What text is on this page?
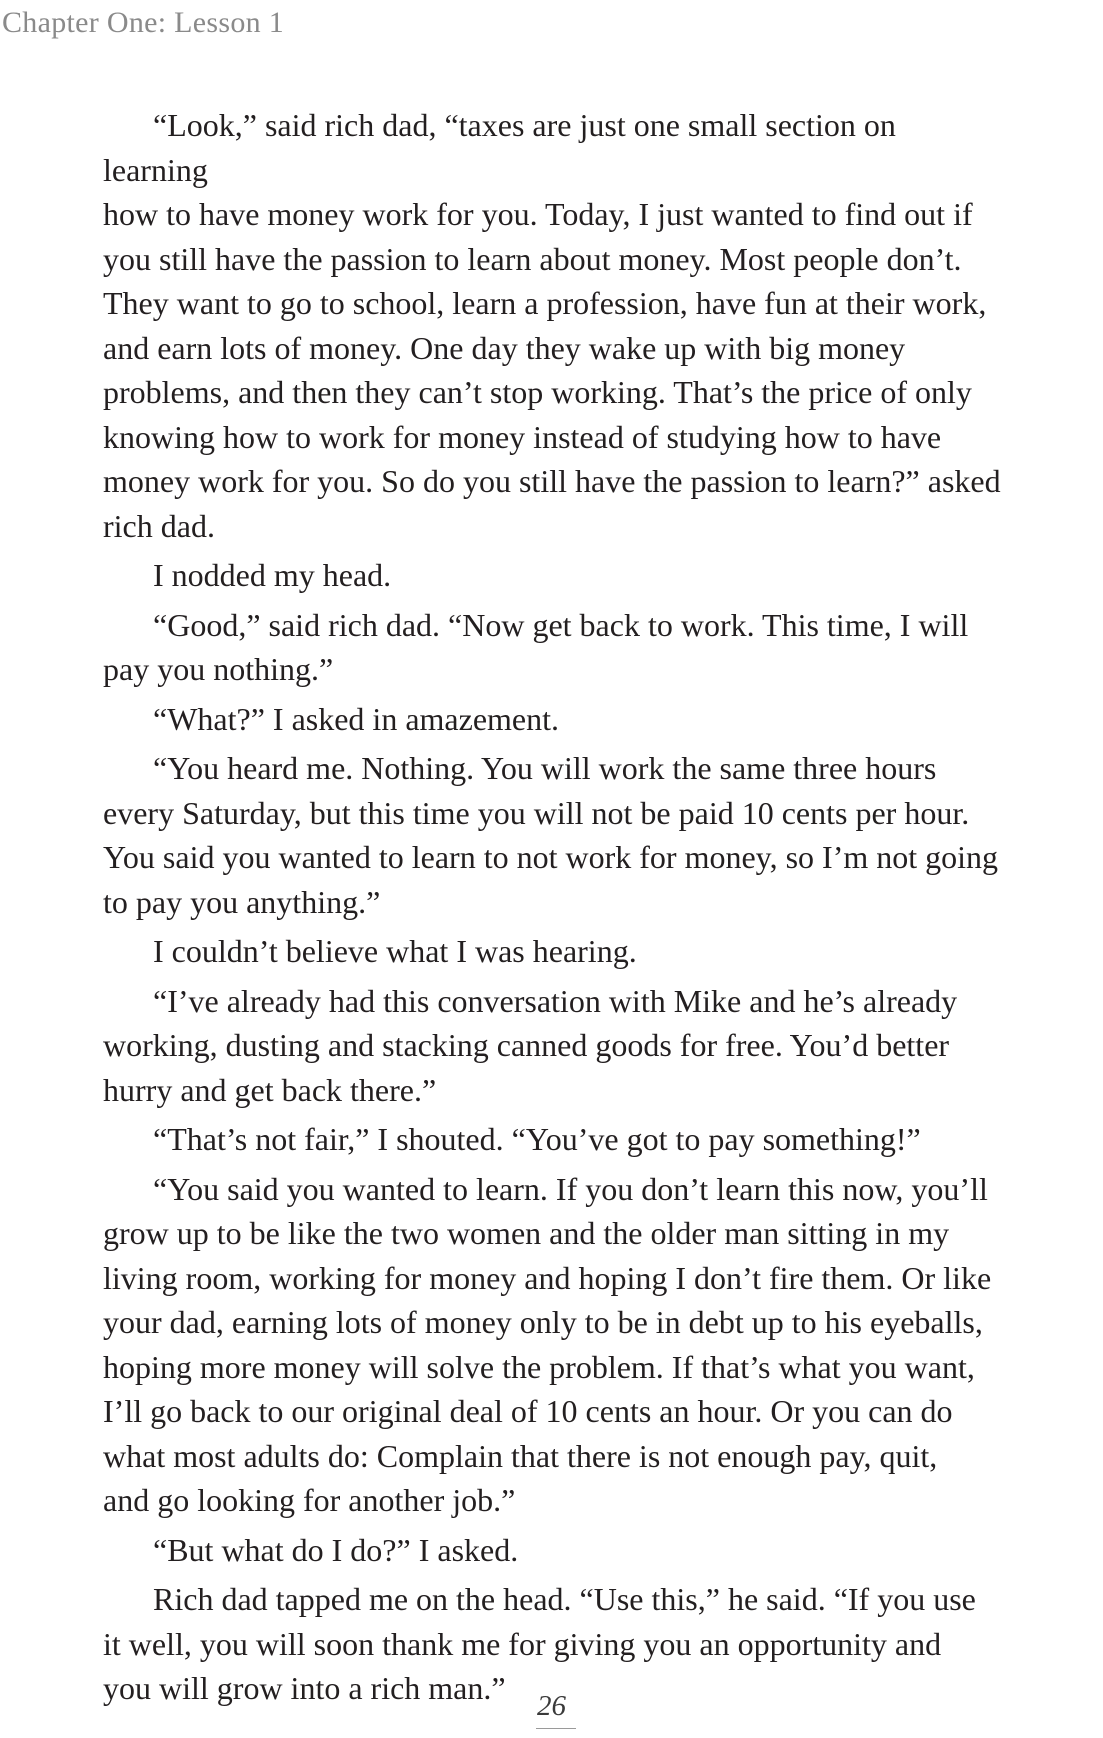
Chapter One: Lesson 1

“Look,” said rich dad, “taxes are just one small section on learning
how to have money work for you. Today, I just wanted to find out if
you still have the passion to learn about money. Most people don’t.
They want to go to school, learn a profession, have fun at their work,
and earn lots of money. One day they wake up with big money
problems, and then they can’t stop working. That’s the price of only
knowing how to work for money instead of studying how to have
money work for you. So do you still have the passion to learn?” asked
rich dad.

I nodded my head.

“Good,” said rich dad. “Now get back to work. This time, I will
pay you nothing.”

“What?” I asked in amazement.

“You heard me. Nothing. You will work the same three hours
every Saturday, but this time you will not be paid 10 cents per hour.
You said you wanted to learn to not work for money, so I’m not going
to pay you anything.”

I couldn’t believe what I was hearing.

“I’ve already had this conversation with Mike and he’s already
working, dusting and stacking canned goods for free. You’d better
hurry and get back there.”

“That’s not fair,” I shouted. “You’ve got to pay something!”

“You said you wanted to learn. If you don’t learn this now, you’ll
grow up to be like the two women and the older man sitting in my
living room, working for money and hoping I don’t fire them. Or like
your dad, earning lots of money only to be in debt up to his eyeballs,
hoping more money will solve the problem. If that’s what you want,
I’ll go back to our original deal of 10 cents an hour. Or you can do
what most adults do: Complain that there is not enough pay, quit,
and go looking for another job.”

“But what do I do?” I asked.

Rich dad tapped me on the head. “Use this,” he said. “If you use
it well, you will soon thank me for giving you an opportunity and
you will grow into a rich man.”	26
